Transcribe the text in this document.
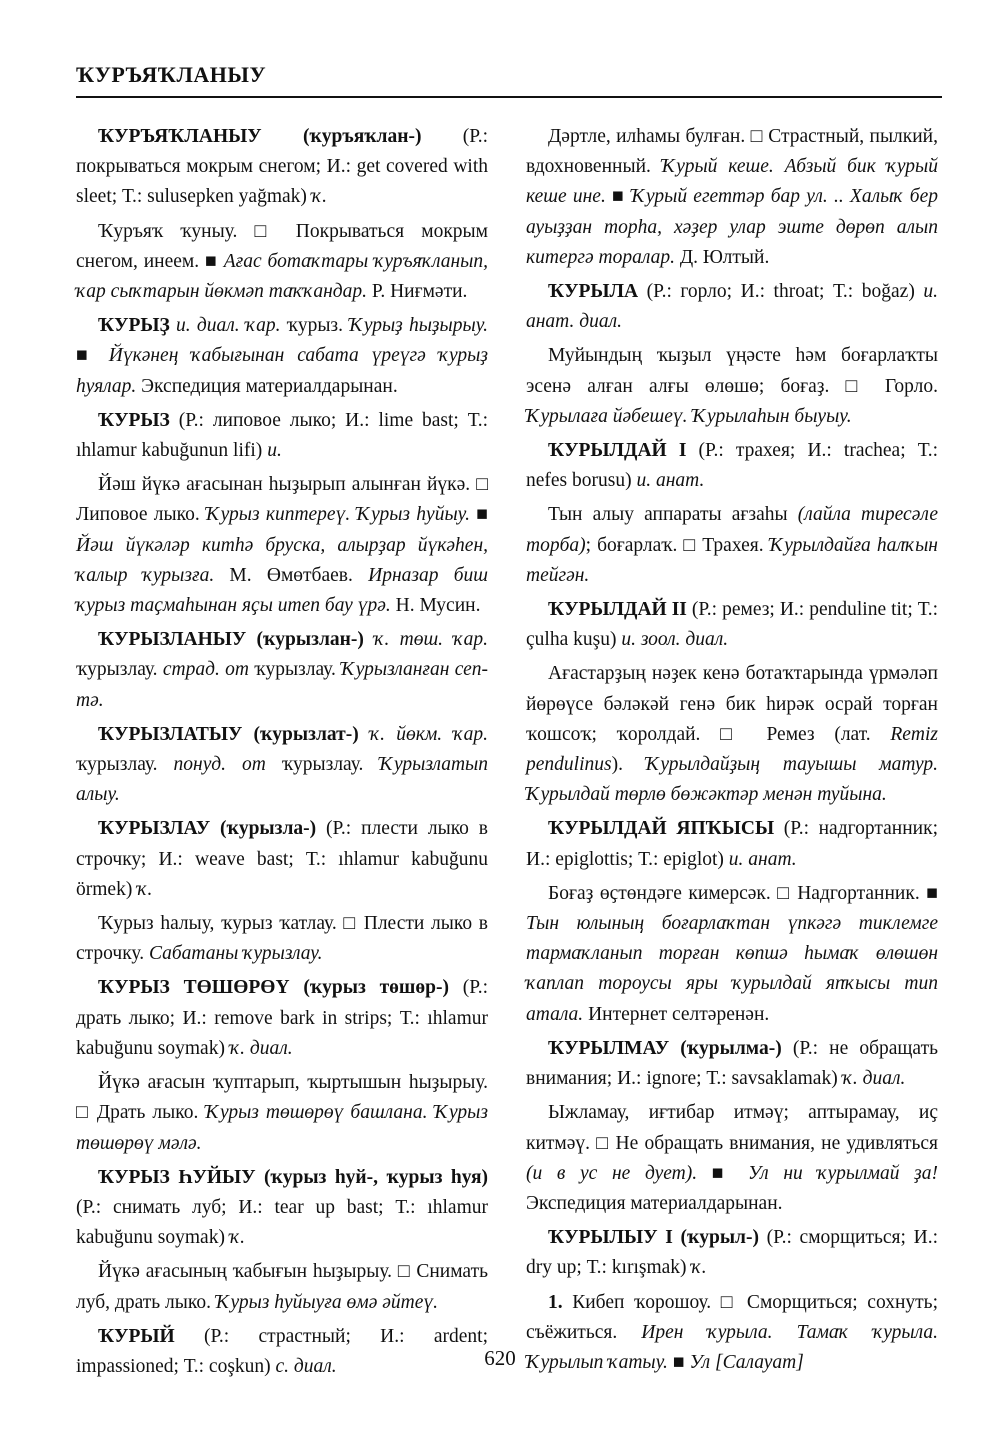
ҠУРЪЯҠЛАНЫУ

ҠУРЪЯҠЛАНЫУ (ҡуръяҡлан-) (Р.: покрываться мокрым снегом; И.: get covered with sleet; Т.: sulusepken yağmak) ҡ.

Ҡуръяҡ ҡуныу. □ Покрываться мокрым снегом, инеем. ■ Ағас ботаҡтары ҡуръяҡланып, ҡар сыҡтарын йөкмәп таҡҡандар. Р. Ниғмәти.

ҠУРЫҘ и. диал. ҡар. ҡурыз. Ҡурыҙ hыҙырыу. ■ Йүкәнең ҡабығынан сабата үреүгә ҡурыҙ hуялар. Экспедиция материалдарынан.

ҠУРЫЗ (Р.: липовое лыко; И.: lime bast; Т.: ıhlamur kabuğunun lifi) и.

Йәш йүкә ағасынан hыҙырып алынған йүкә. □ Липовое лыко. Ҡурыз киптереү. Ҡурыз hуйыу. ■ Йәш йүкәләр китһә бруска, алырҙар йүкәһен, ҡалыр ҡурызға. М. Өмөтбаев. Ирназар биш ҡурыз таҫмаһынан яҫы итеп бау үрә. Н. Мусин.

ҠУРЫЗЛАНЫУ (ҡурызлан-) ҡ. төш. ҡар. ҡурызлау. страд. от ҡурызлау. Ҡурызланған септә.

ҠУРЫЗЛАТЫУ (ҡурызлат-) ҡ. йөкм. ҡар. ҡурызлау. понуд. от ҡурызлау. Ҡурызлатып алыу.

ҠУРЫЗЛАУ (ҡурызла-) (Р.: плести лыко в строчку; И.: weave bast; Т.: ıhlamur kabuğunu örmek) ҡ.

Ҡурыз hалыу, ҡурыз ҡатлау. □ Плести лыко в строчку. Сабатаны ҡурызлау.

ҠУРЫЗ ТӨШӨРӨҮ (ҡурыз төшөр-) (Р.: драть лыко; И.: remove bark in strips; Т.: ıhlamur kabuğunu soymak) ҡ. диал.

Йүкә ағасын ҡуптарып, ҡыртышын hыҙырыу. □ Драть лыко. Ҡурыз төшөрөү башлана. Ҡурыз төшөрөү мәлә.

ҠУРЫЗ ҺУЙЫУ (ҡурыз һуй-, ҡурыз hуя) (Р.: снимать луб; И.: tear up bast; Т.: ıhlamur kabuğunu soymak) ҡ.

Йүкә ағасының ҡабығын hыҙырыу. □ Снимать луб, драть лыко. Ҡурыз hуйыуға өмә әйтеү.

ҠУРЫЙ (Р.: страстный; И.: ardent; impassioned; Т.: coşkun) с. диал.

Дәртле, илһамы булған. □ Страстный, пылкий, вдохновенный. Ҡурый кеше. Абзый бик ҡурый кеше ине. ■ Ҡурый егеттәр бар ул. .. Халыҡ бер ауыҙҙан торһа, хәҙер улар эште дөрөп алып китергә торалар. Д. Юлтый.

ҠУРЫЛА (Р.: горло; И.: throat; Т.: boğaz) и. анат. диал.

Муйындың ҡыҙыл үңәсте һәм боғарлаҡты эсенә алған алғы өлөшө; боғаҙ. □ Горло. Ҡурылаға йәбешеү. Ҡурылаһын быуыу.

ҠУРЫЛДАЙ I (Р.: трахея; И.: trachea; Т.: nefes borusu) и. анат.

Тын алыу аппараты ағзаһы (лайла тиресәле торба); боғарлаҡ. □ Трахея. Ҡурылдайға һалҡын тейгән.

ҠУРЫЛДАЙ II (Р.: ремез; И.: penduline tit; Т.: çulha kuşu) и. зоол. диал.

Ағастарҙың нәҙек кенә ботаҡтарында үрмәләп йөрөүсе бәләкәй генә бик һирәк осрай торған ҡошсоҡ; ҡоролдай. □ Ремез (лат. Remiz pendulinus). Ҡурылдайҙың тауышы матур. Ҡурылдай төрлө бөжәктәр менән туйына.

ҠУРЫЛДАЙ ЯПҠЫСЫ (Р.: надгортанник; И.: epiglottis; Т.: epiglot) и. анат.

Боғаҙ өҫтөндәге кимерсәк. □ Надгортанник. ■ Тын юлының боғарлаҡтан үпкәгә тиклемге тармаҡланып торған көпшә һымаҡ өлөшөн ҡаплап тороусы яры ҡурылдай япҡысы тип атала. Интернет селтәренән.

ҠУРЫЛМАУ (ҡурылма-) (Р.: не обращать внимания; И.: ignore; Т.: savsaklamak) ҡ. диал.

Ыжламау, иғтибар итмәү; аптырамау, иҫ китмәү. □ Не обращать внимания, не удивляться (и в ус не дует). ■ Ул ни ҡурылмай ҙа! Экспедиция материалдарынан.

ҠУРЫЛЫУ I (ҡурыл-) (Р.: сморщиться; И.: dry up; Т.: kırışmak) ҡ.

1. Кибеп ҡорошоу. □ Сморщиться; сохнуть; съёжиться. Ирен ҡурыла. Тамаҡ ҡурыла. Ҡурылып ҡатыу. ■ Ул [Салауат]

620
